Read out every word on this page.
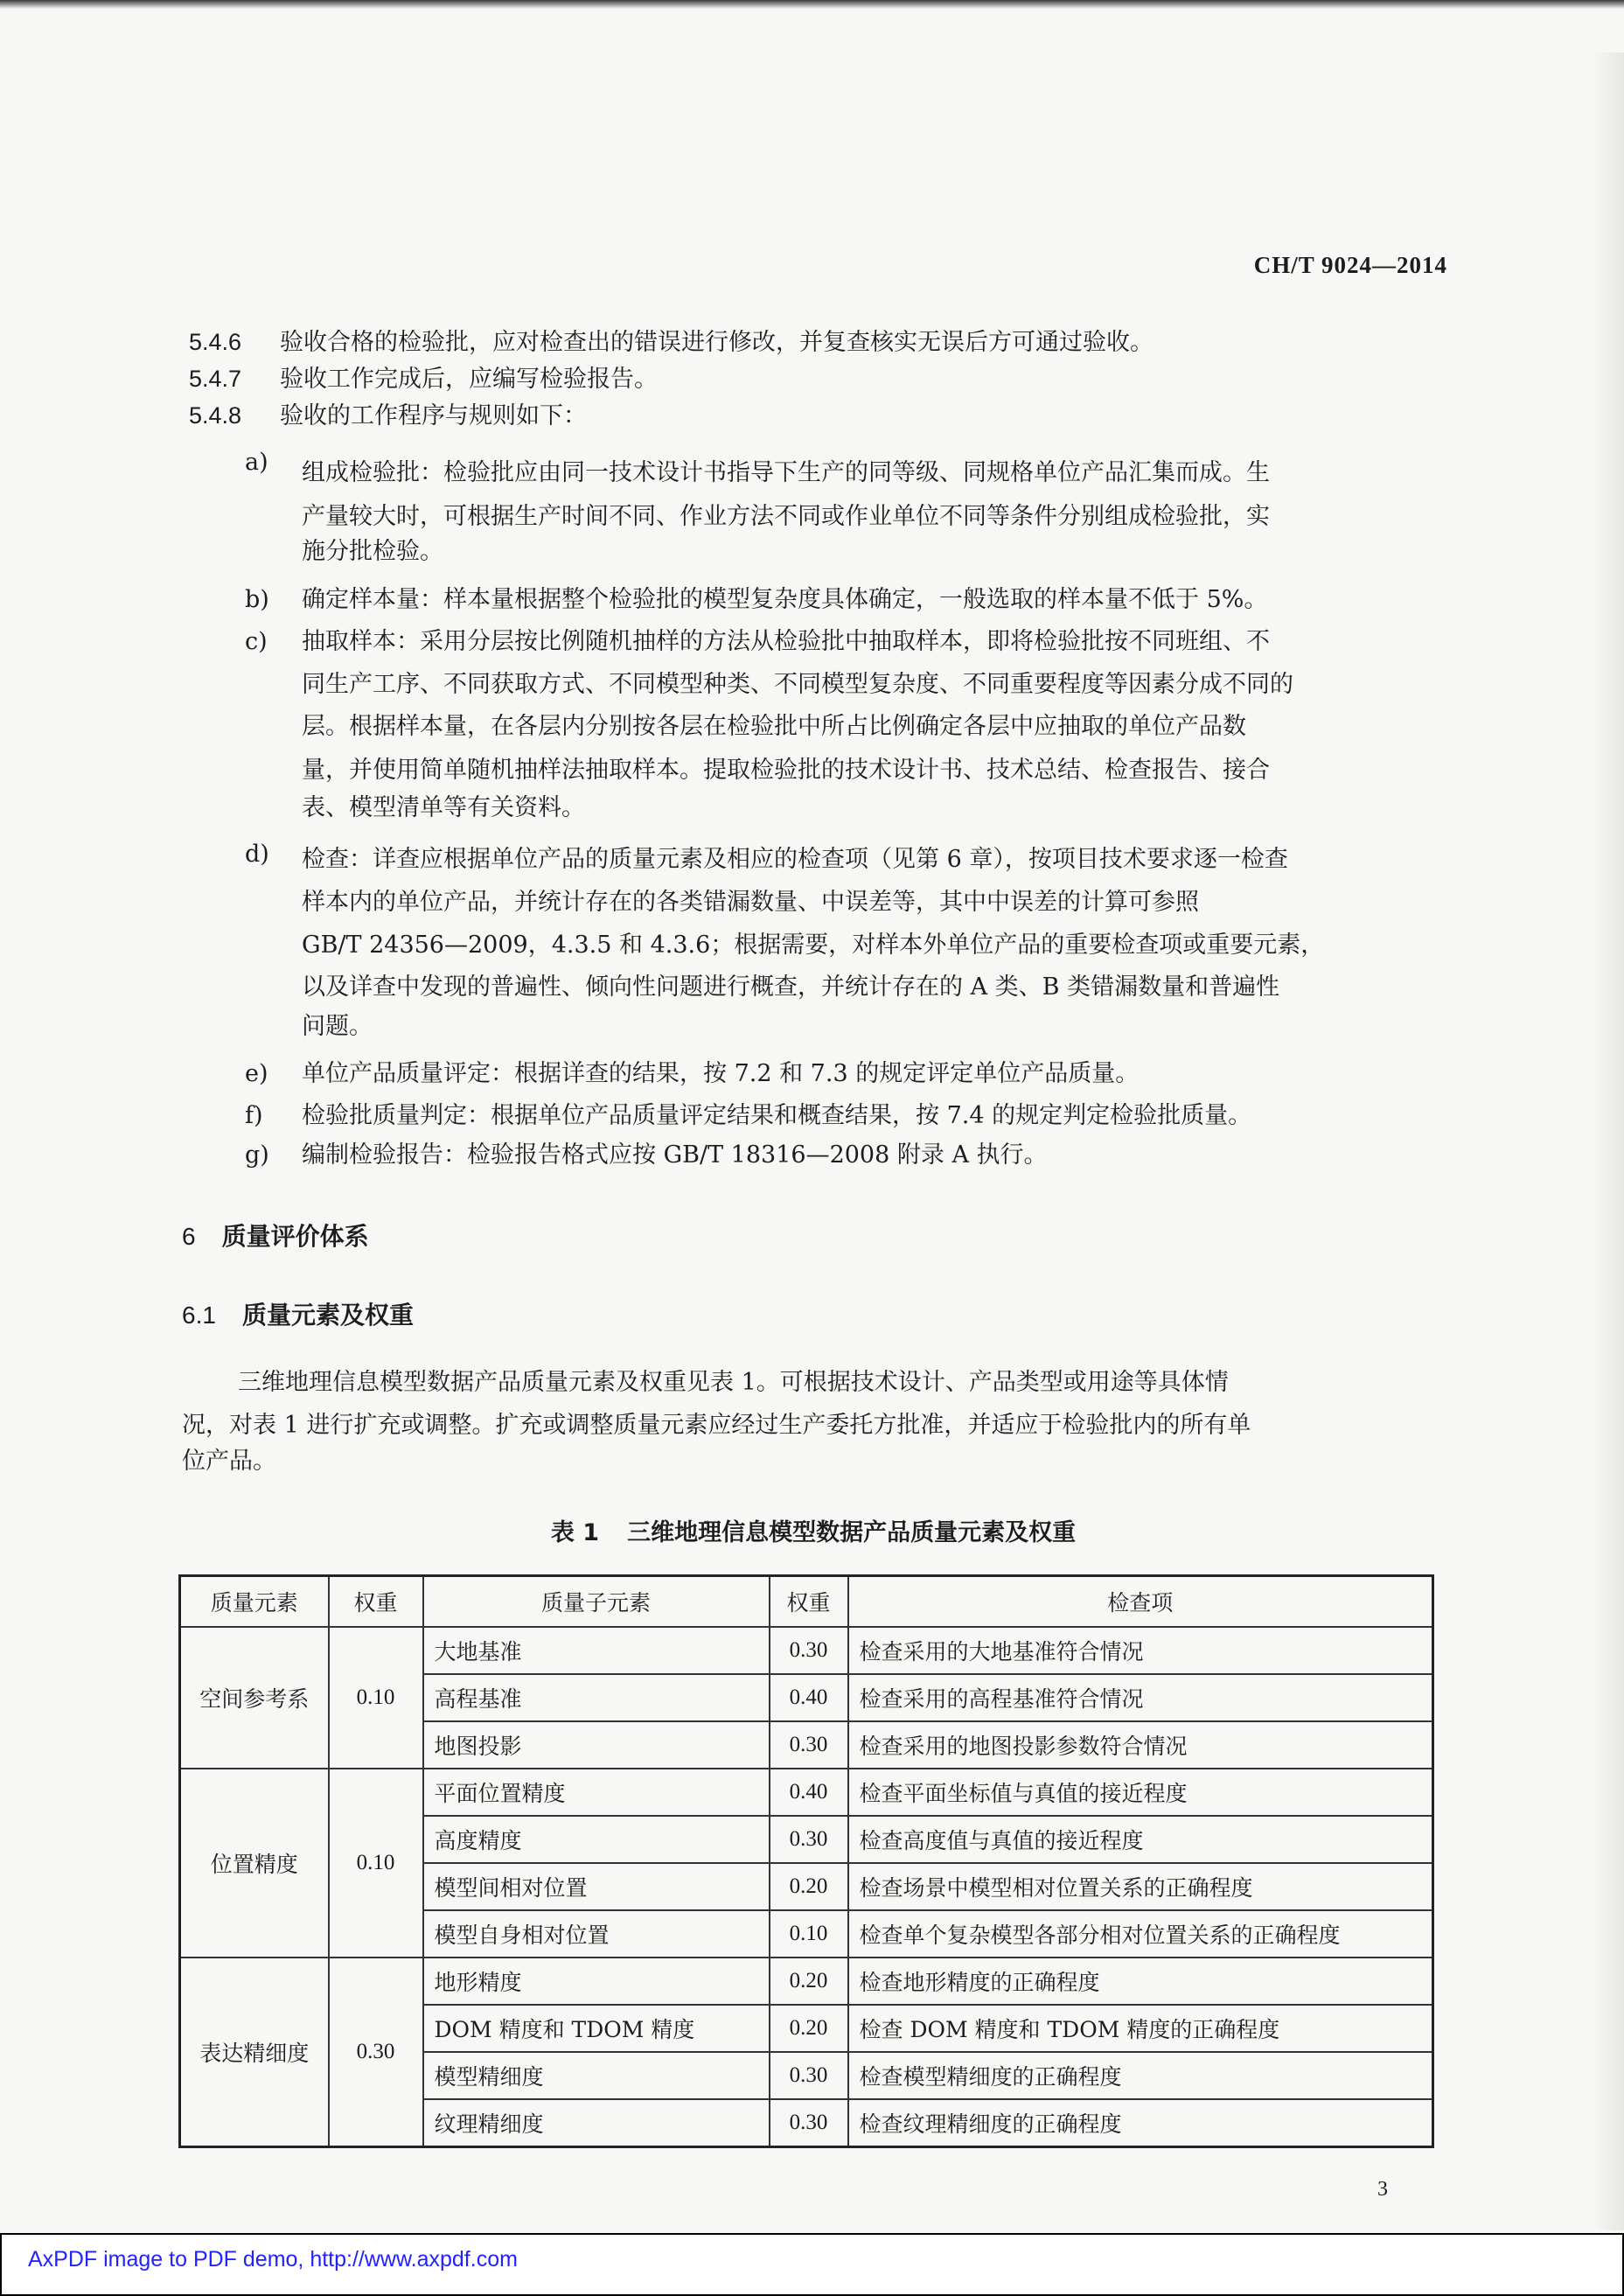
CH/T 9024—2014
5.4.6 验收合格的检验批，应对检查出的错误进行修改，并复查核实无误后方可通过验收。
5.4.7 验收工作完成后，应编写检验报告。
5.4.8 验收的工作程序与规则如下：
a) 组成检验批：检验批应由同一技术设计书指导下生产的同等级、同规格单位产品汇集而成。生
产量较大时，可根据生产时间不同、作业方法不同或作业单位不同等条件分别组成检验批，实
施分批检验。
b) 确定样本量：样本量根据整个检验批的模型复杂度具体确定，一般选取的样本量不低于 5%。
c) 抽取样本：采用分层按比例随机抽样的方法从检验批中抽取样本，即将检验批按不同班组、不
同生产工序、不同获取方式、不同模型种类、不同模型复杂度、不同重要程度等因素分成不同的
层。根据样本量，在各层内分别按各层在检验批中所占比例确定各层中应抽取的单位产品数
量，并使用简单随机抽样法抽取样本。提取检验批的技术设计书、技术总结、检查报告、接合
表、模型清单等有关资料。
d) 检查：详查应根据单位产品的质量元素及相应的检查项（见第 6 章），按项目技术要求逐一检查
样本内的单位产品，并统计存在的各类错漏数量、中误差等，其中中误差的计算可参照
GB/T 24356—2009，4.3.5 和 4.3.6；根据需要，对样本外单位产品的重要检查项或重要元素，
以及详查中发现的普遍性、倾向性问题进行概查，并统计存在的 A 类、B 类错漏数量和普遍性
问题。
e) 单位产品质量评定：根据详查的结果，按 7.2 和 7.3 的规定评定单位产品质量。
f) 检验批质量判定：根据单位产品质量评定结果和概查结果，按 7.4 的规定判定检验批质量。
g) 编制检验报告：检验报告格式应按 GB/T 18316—2008 附录 A 执行。
6 质量评价体系
6.1 质量元素及权重
三维地理信息模型数据产品质量元素及权重见表 1。可根据技术设计、产品类型或用途等具体情
况，对表 1 进行扩充或调整。扩充或调整质量元素应经过生产委托方批准，并适应于检验批内的所有单
位产品。
表 1 三维地理信息模型数据产品质量元素及权重
质量元素	权重	质量子元素	权重	检查项
空间参考系	0.10	大地基准	0.30	检查采用的大地基准符合情况
		高程基准	0.40	检查采用的高程基准符合情况
		地图投影	0.30	检查采用的地图投影参数符合情况
位置精度	0.10	平面位置精度	0.40	检查平面坐标值与真值的接近程度
		高度精度	0.30	检查高度值与真值的接近程度
		模型间相对位置	0.20	检查场景中模型相对位置关系的正确程度
		模型自身相对位置	0.10	检查单个复杂模型各部分相对位置关系的正确程度
表达精细度	0.30	地形精度	0.20	检查地形精度的正确程度
		DOM 精度和 TDOM 精度	0.20	检查 DOM 精度和 TDOM 精度的正确程度
		模型精细度	0.30	检查模型精细度的正确程度
		纹理精细度	0.30	检查纹理精细度的正确程度
3
AxPDF image to PDF demo, http://www.axpdf.com
